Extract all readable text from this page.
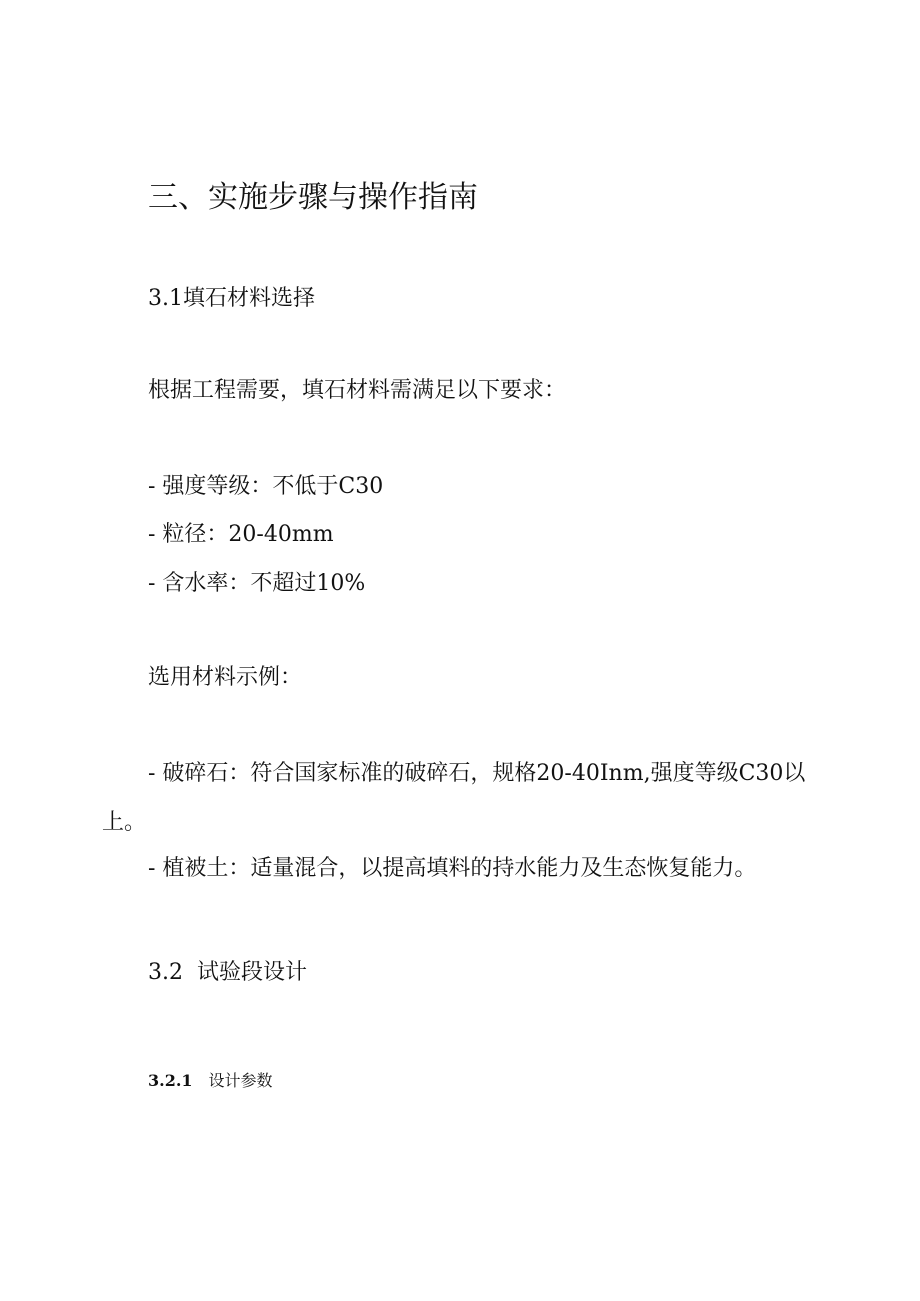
三、实施步骤与操作指南
3.1填石材料选择
根据工程需要，填石材料需满足以下要求：
- 强度等级：不低于C30
- 粒径：20-40mm
- 含水率：不超过10%
选用材料示例：
- 破碎石：符合国家标准的破碎石，规格20-40Inm,强度等级C30以
上。
- 植被土：适量混合，以提高填料的持水能力及生态恢复能力。
3.2 试验段设计
3.2.1 设计参数
